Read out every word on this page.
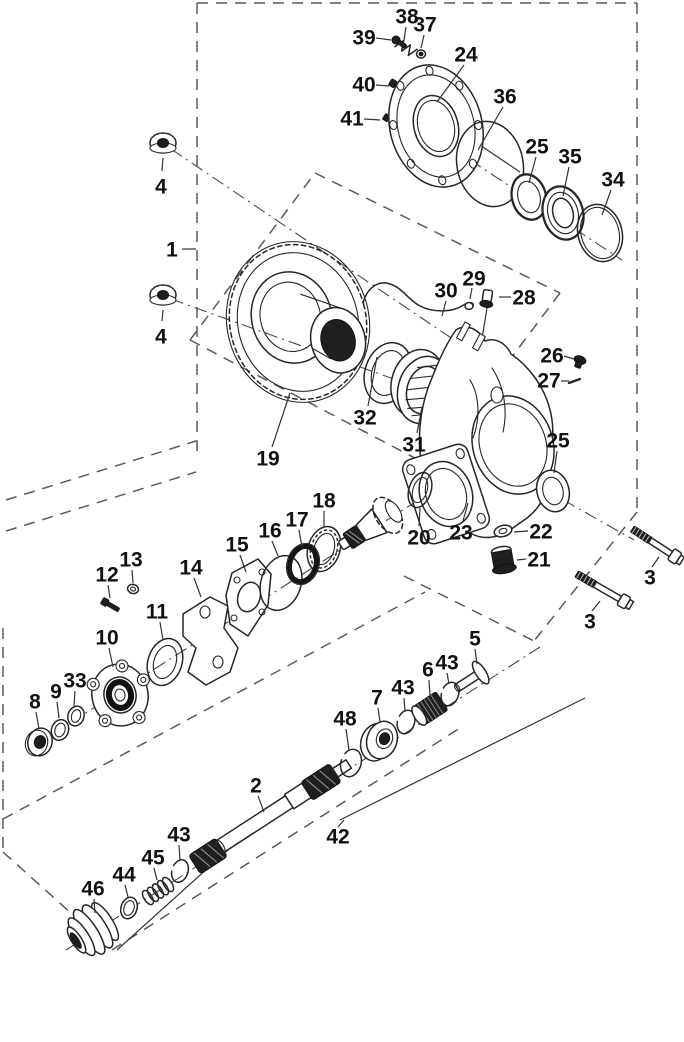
38
37
39
40
41
24
36
25 35
34
4
1
4
29
30	28
26
27
32
31
19
25
23	22
21
3
3
20
18
17
16
15
14
13
12
11
10
33
9
8
5
43
6
43
7
48
2
42
43
45
44
46
